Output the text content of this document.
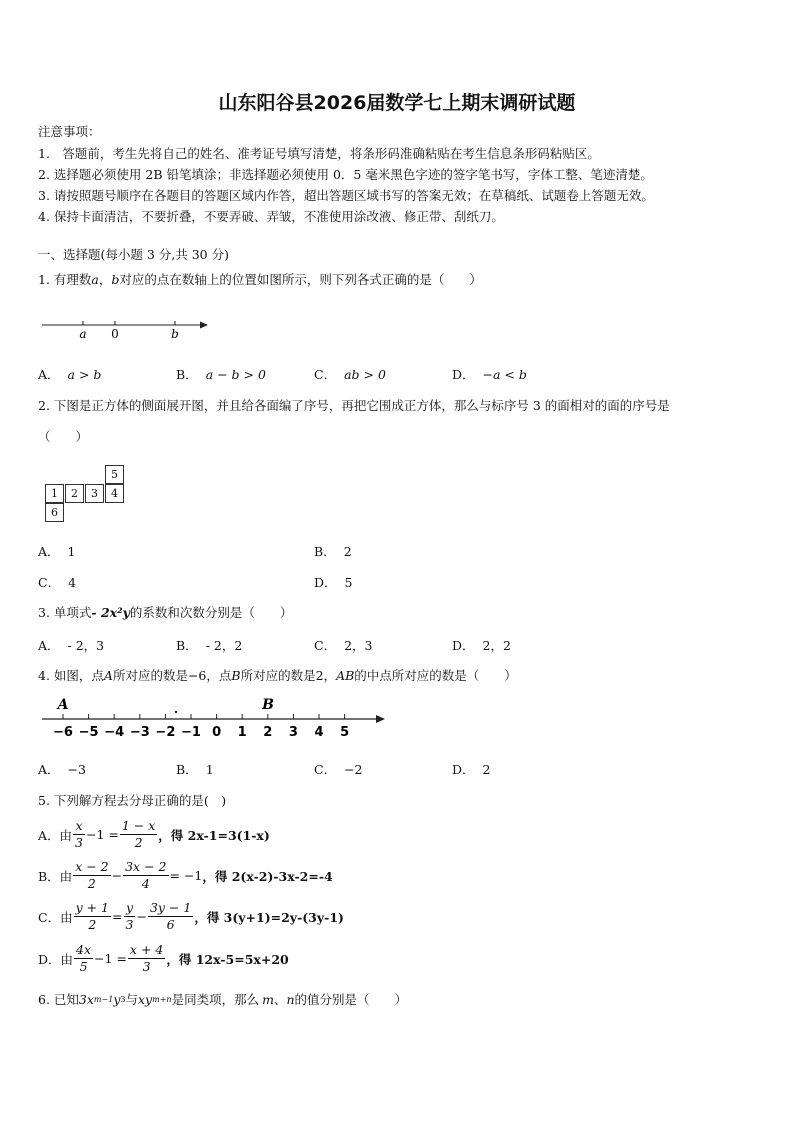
山东阳谷县2026届数学七上期末调研试题
注意事项：
1.　答题前，考生先将自己的姓名、准考证号填写清楚，将条形码准确粘贴在考生信息条形码粘贴区。
2. 选择题必须使用 2B 铅笔填涂；非选择题必须使用 0．5 毫米黑色字迹的签字笔书写，字体工整、笔迹清楚。
3. 请按照题号顺序在各题目的答题区域内作答，超出答题区域书写的答案无效；在草稿纸、试题卷上答题无效。
4. 保持卡面清洁，不要折叠，不要弄破、弄皱，不准使用涂改液、修正带、刮纸刀。
一、选择题(每小题 3 分,共 30 分)
1. 有理数 a ， b 对应的点在数轴上的位置如图所示，则下列各式正确的是（　　）
a 0	b
A． a > b	B． a − b > 0	C． ab > 0	D． −a < b
2. 下图是正方体的侧面展开图，并且给各面编了序号，再把它围成正方体，那么与标序号 3 的面相对的面的序号是
（　　）
5
1	2	3	4
6
A． 1	B． 2
C． 4	D． 5
3. 单项式 - 2x²y 的系数和次数分别是（　　）
A． - 2，3	B． - 2，2	C． 2，3	D． 2，2
4. 如图，点 A 所对应的数是 −6 ，点 B 所对应的数是 2 ， AB 的中点所对应的数是（　　）
−6 −5 −4 −3 −2 −1 0 1 2 3 4 5
A	B
A． −3	B． 1	C． −2	D． 2
5. 下列解方程去分母正确的是(　)
A．由 $\frac{x}{3} -1 = \frac{1 - x}{2}$ ，得 2x-1=3(1-x)
B．由 $\frac{x - 2}{2} - \frac{3x - 2}{4} = -1$ ，得 2(x-2)-3x-2=-4
C．由 $\frac{y + 1}{2} = \frac{y}{3} - \frac{3y - 1}{6}$ ，得 3(y+1)=2y-(3y-1)
D．由 $\frac{4x}{5} -1 = \frac{x + 4}{3}$ ，得 12x-5=5x+20
6. 已知 3x m−1 y 3 与 xy m+n 是同类项，那么 m 、 n 的值分别是（　　）
